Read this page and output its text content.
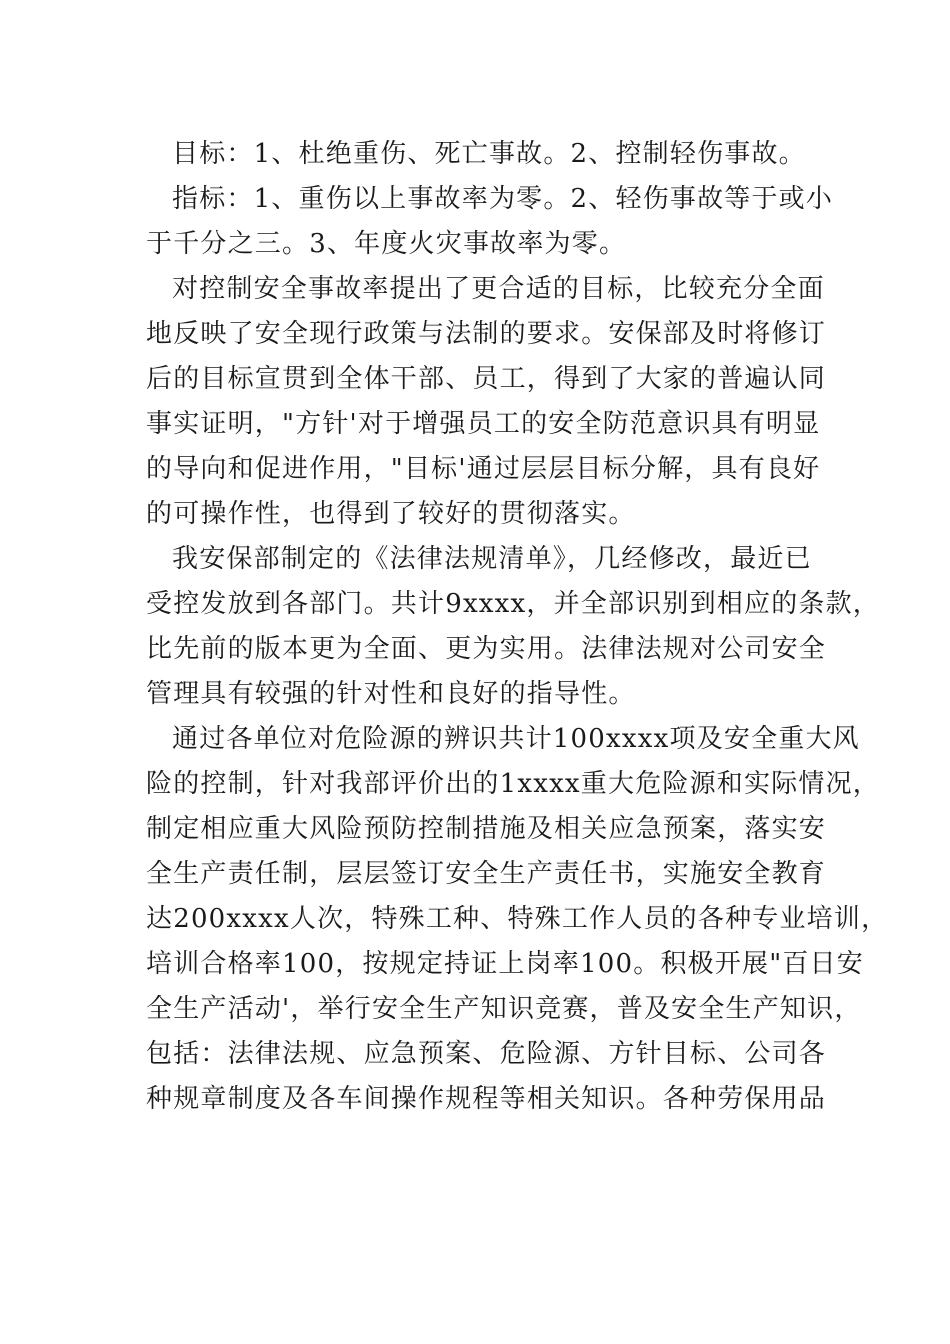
目标：1、杜绝重伤、死亡事故。2、控制轻伤事故。
指标：1、重伤以上事故率为零。2、轻伤事故等于或小
于千分之三。3、年度火灾事故率为零。
对控制安全事故率提出了更合适的目标，比较充分全面
地反映了安全现行政策与法制的要求。安保部及时将修订
后的目标宣贯到全体干部、员工，得到了大家的普遍认同
事实证明，"方针'对于增强员工的安全防范意识具有明显
的导向和促进作用，"目标'通过层层目标分解，具有良好
的可操作性，也得到了较好的贯彻落实。
我安保部制定的《法律法规清单》，几经修改，最近已
受控发放到各部门。共计9xxxx，并全部识别到相应的条款，
比先前的版本更为全面、更为实用。法律法规对公司安全
管理具有较强的针对性和良好的指导性。
通过各单位对危险源的辨识共计100xxxx项及安全重大风
险的控制，针对我部评价出的1xxxx重大危险源和实际情况，
制定相应重大风险预防控制措施及相关应急预案，落实安
全生产责任制，层层签订安全生产责任书，实施安全教育
达200xxxx人次，特殊工种、特殊工作人员的各种专业培训，
培训合格率100，按规定持证上岗率100。积极开展"百日安
全生产活动'，举行安全生产知识竞赛，普及安全生产知识，
包括：法律法规、应急预案、危险源、方针目标、公司各
种规章制度及各车间操作规程等相关知识。各种劳保用品
